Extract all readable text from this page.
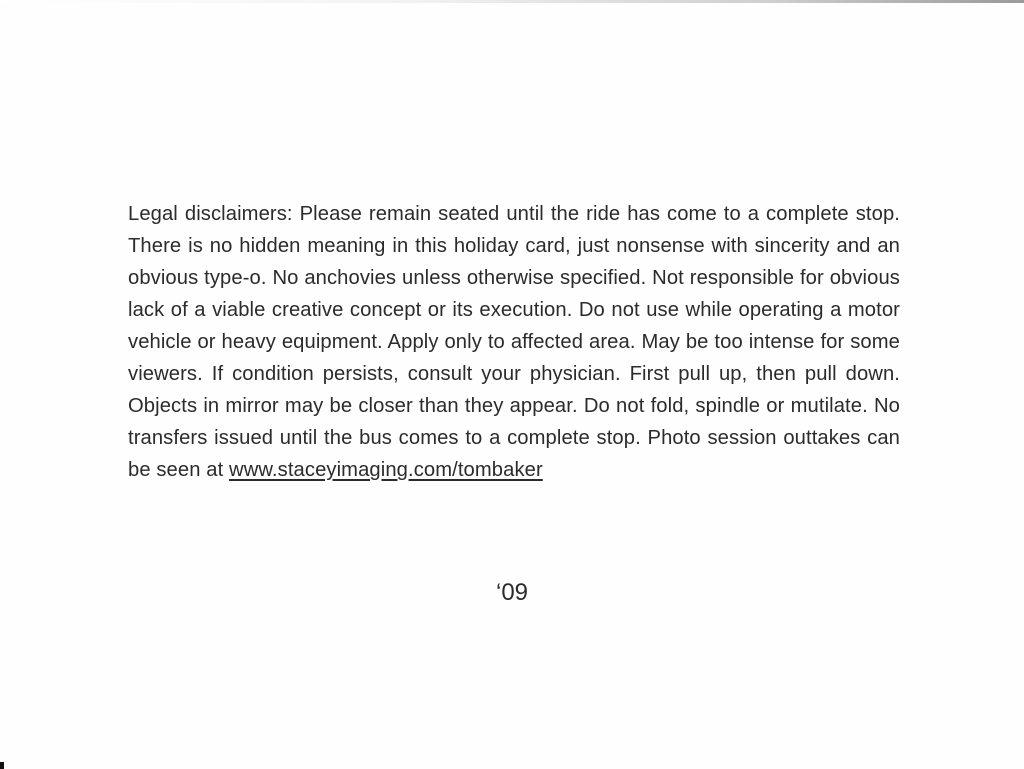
Legal disclaimers: Please remain seated until the ride has come to a complete stop. There is no hidden meaning in this holiday card, just nonsense with sincerity and an obvious type-o. No anchovies unless otherwise specified. Not responsible for obvious lack of a viable creative concept or its execution. Do not use while operating a motor vehicle or heavy equipment. Apply only to affected area. May be too intense for some viewers. If condition persists, consult your physician. First pull up, then pull down. Objects in mirror may be closer than they appear. Do not fold, spindle or mutilate. No transfers issued until the bus comes to a complete stop. Photo session outtakes can be seen at www.staceyimaging.com/tombaker

‘09
